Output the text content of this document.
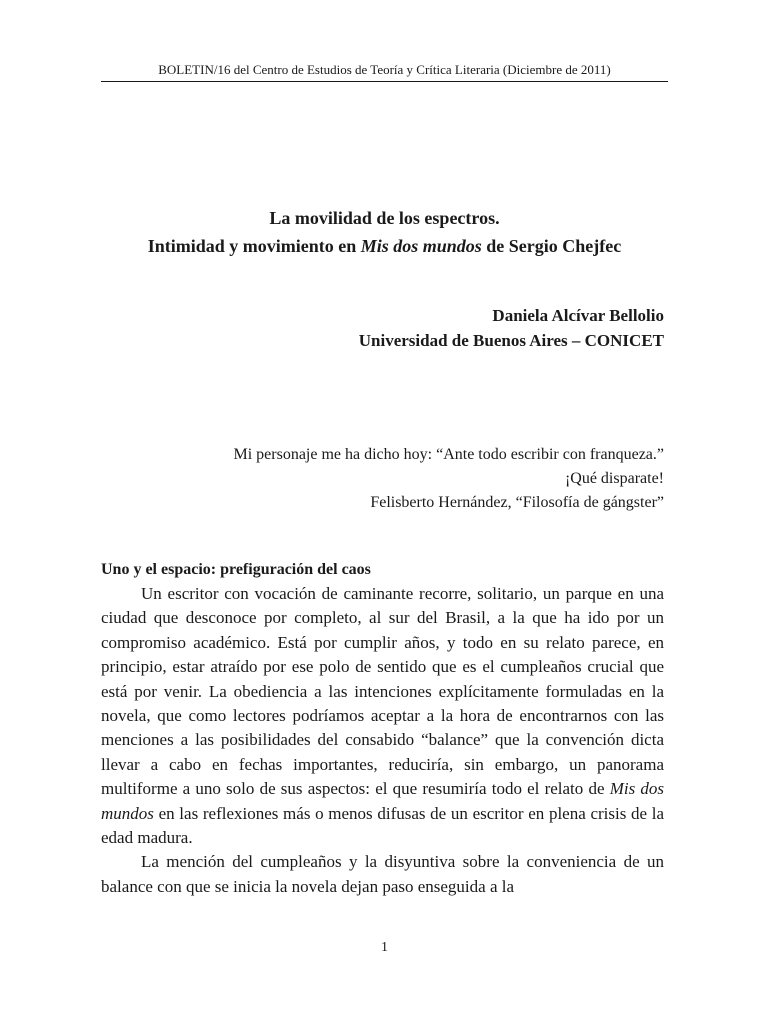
BOLETIN/16 del Centro de Estudios de Teoría y Crítica Literaria (Diciembre de 2011)
La movilidad de los espectros.
Intimidad y movimiento en Mis dos mundos de Sergio Chejfec
Daniela Alcívar Bellolio
Universidad de Buenos Aires – CONICET
Mi personaje me ha dicho hoy: “Ante todo escribir con franqueza.”
¡Qué disparate!
Felisberto Hernández, “Filosofía de gángster”
Uno y el espacio: prefiguración del caos

Un escritor con vocación de caminante recorre, solitario, un parque en una ciudad que desconoce por completo, al sur del Brasil, a la que ha ido por un compromiso académico. Está por cumplir años, y todo en su relato parece, en principio, estar atraído por ese polo de sentido que es el cumpleaños crucial que está por venir. La obediencia a las intenciones explícitamente formuladas en la novela, que como lectores podríamos aceptar a la hora de encontrarnos con las menciones a las posibilidades del consabido “balance” que la convención dicta llevar a cabo en fechas importantes, reduciría, sin embargo, un panorama multiforme a uno solo de sus aspectos: el que resumiría todo el relato de Mis dos mundos en las reflexiones más o menos difusas de un escritor en plena crisis de la edad madura.

La mención del cumpleaños y la disyuntiva sobre la conveniencia de un balance con que se inicia la novela dejan paso enseguida a la

1
